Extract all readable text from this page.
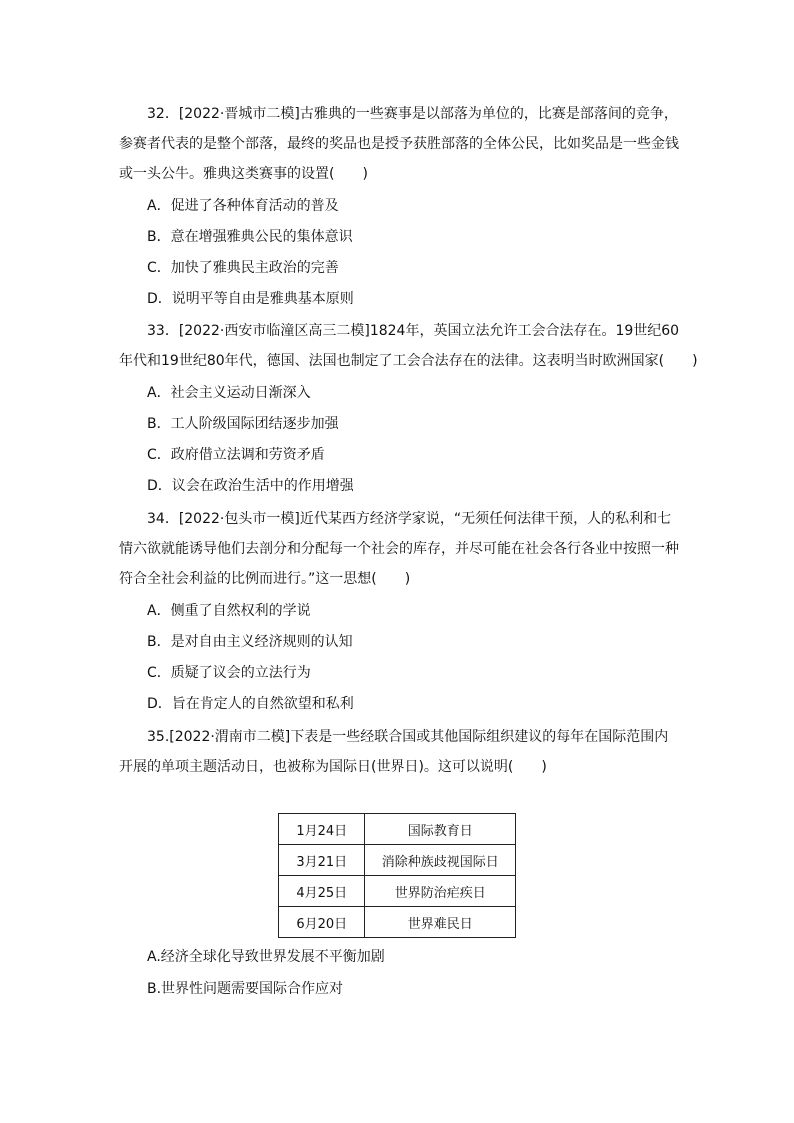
32．[2022·晋城市二模]古雅典的一些赛事是以部落为单位的，比赛是部落间的竞争，
参赛者代表的是整个部落，最终的奖品也是授予获胜部落的全体公民，比如奖品是一些金钱
或一头公牛。雅典这类赛事的设置(　　)
A．促进了各种体育活动的普及
B．意在增强雅典公民的集体意识
C．加快了雅典民主政治的完善
D．说明平等自由是雅典基本原则
33．[2022·西安市临潼区高三二模]1824年，英国立法允许工会合法存在。19世纪60
年代和19世纪80年代，德国、法国也制定了工会合法存在的法律。这表明当时欧洲国家(　　)
A．社会主义运动日渐深入
B．工人阶级国际团结逐步加强
C．政府借立法调和劳资矛盾
D．议会在政治生活中的作用增强
34．[2022·包头市一模]近代某西方经济学家说，“无须任何法律干预，人的私利和七
情六欲就能诱导他们去剖分和分配每一个社会的库存，并尽可能在社会各行各业中按照一种
符合全社会利益的比例而进行。”这一思想(　　)
A．侧重了自然权利的学说
B．是对自由主义经济规则的认知
C．质疑了议会的立法行为
D．旨在肯定人的自然欲望和私利
35.[2022·渭南市二模]下表是一些经联合国或其他国际组织建议的每年在国际范围内
开展的单项主题活动日，也被称为国际日(世界日)。这可以说明(　　)
1月24日	国际教育日
3月21日	消除种族歧视国际日
4月25日	世界防治疟疾日
6月20日	世界难民日
A.经济全球化导致世界发展不平衡加剧
B.世界性问题需要国际合作应对
